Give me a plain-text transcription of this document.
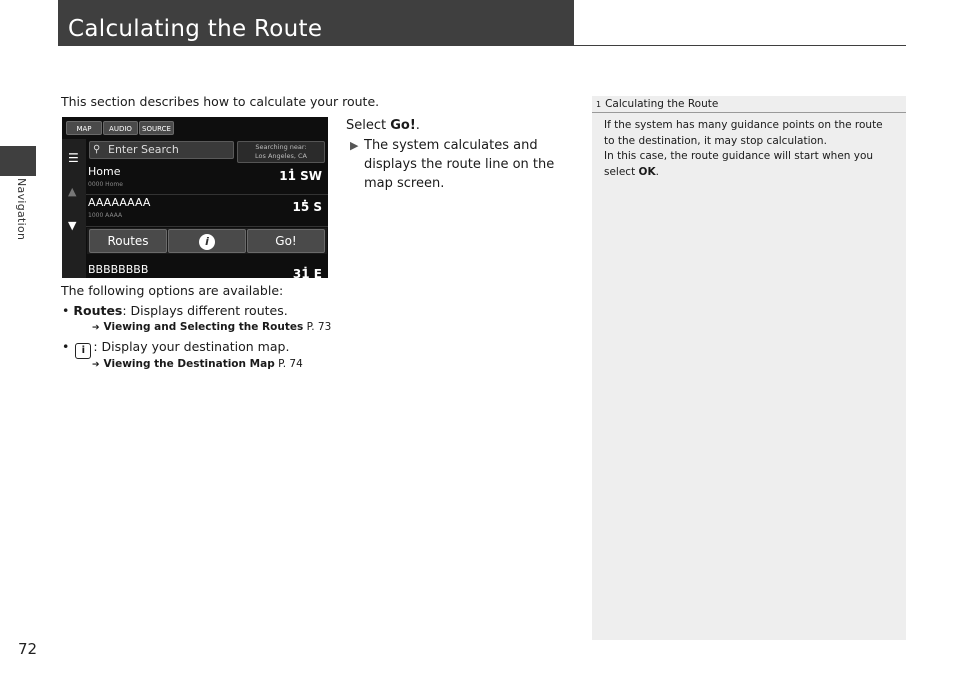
Navigation
Calculating the Route
This section describes how to calculate your route.
MAP	AUDIO	SOURCE
☰
▲
▼
⚲ Enter Search	Searching near:
Los Angeles, CA
Home
0000 Home
11̇ SW
AAAAAAAA
1000 AAAA
15̇ S
Routes	i	Go!
BBBBBBBB	31̇ E
Select Go!.
▶ The system calculates and displays the route line on the map screen.
The following options are available:
• Routes: Displays different routes.
➔ Viewing and Selecting the Routes P. 73
• i : Display your destination map.
➔ Viewing the Destination Map P. 74
1 Calculating the Route
If the system has many guidance points on the route to the destination, it may stop calculation.
In this case, the route guidance will start when you select OK.
72
